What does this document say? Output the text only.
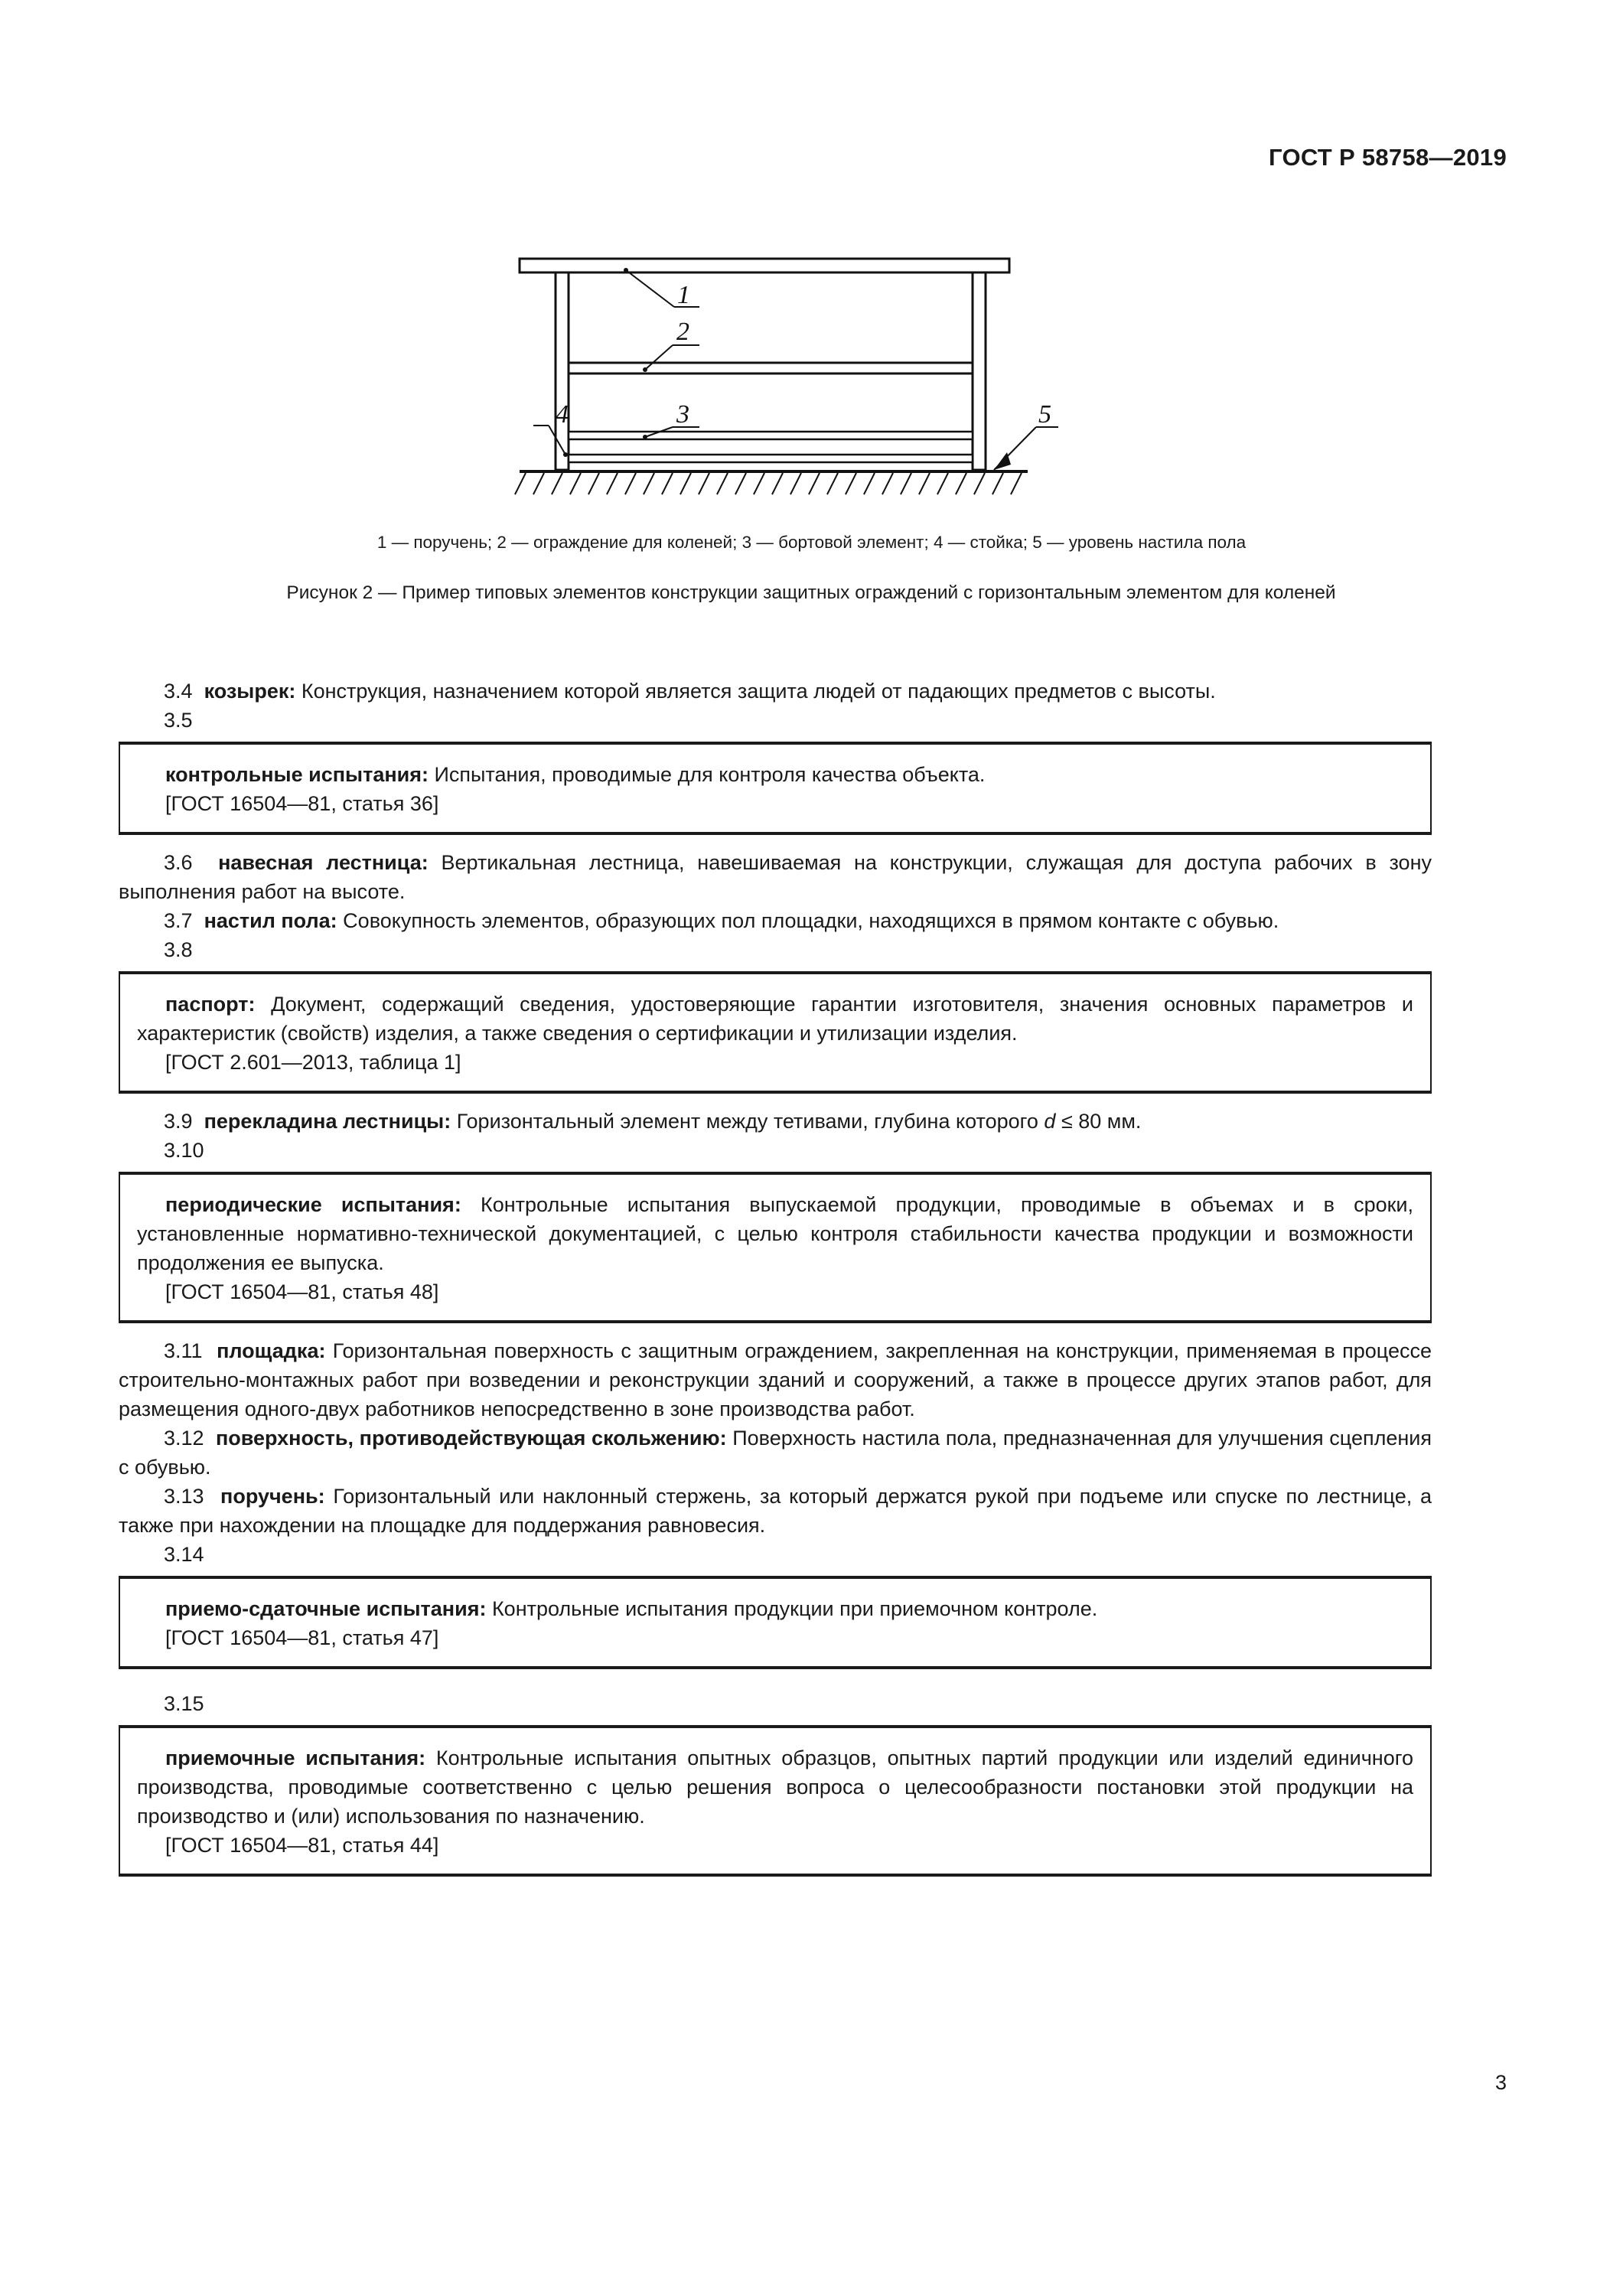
ГОСТ Р 58758—2019
1
2
3
4	5
1 — поручень; 2 — ограждение для коленей; 3 — бортовой элемент; 4 — стойка; 5 — уровень настила пола
Рисунок 2 — Пример типовых элементов конструкции защитных ограждений с горизонтальным элементом для коленей

3.4 козырек: Конструкция, назначением которой является защита людей от падающих предметов с высоты.

3.5

контрольные испытания: Испытания, проводимые для контроля качества объекта.

[ГОСТ 16504—81, статья 36]

3.6 навесная лестница: Вертикальная лестница, навешиваемая на конструкции, служащая для доступа рабочих в зону выполнения работ на высоте.

3.7 настил пола: Совокупность элементов, образующих пол площадки, находящихся в прямом контакте с обувью.

3.8

паспорт: Документ, содержащий сведения, удостоверяющие гарантии изготовителя, значения основных параметров и характеристик (свойств) изделия, а также сведения о сертификации и утилизации изделия.

[ГОСТ 2.601—2013, таблица 1]

3.9 перекладина лестницы: Горизонтальный элемент между тетивами, глубина которого d ≤ 80 мм.

3.10

периодические испытания: Контрольные испытания выпускаемой продукции, проводимые в объемах и в сроки, установленные нормативно-технической документацией, с целью контроля стабильности качества продукции и возможности продолжения ее выпуска.

[ГОСТ 16504—81, статья 48]

3.11 площадка: Горизонтальная поверхность с защитным ограждением, закрепленная на конструкции, применяемая в процессе строительно-монтажных работ при возведении и реконструкции зданий и сооружений, а также в процессе других этапов работ, для размещения одного-двух работников непосредственно в зоне производства работ.

3.12 поверхность, противодействующая скольжению: Поверхность настила пола, предназначенная для улучшения сцепления с обувью.

3.13 поручень: Горизонтальный или наклонный стержень, за который держатся рукой при подъеме или спуске по лестнице, а также при нахождении на площадке для поддержания равновесия.

3.14

приемо-сдаточные испытания: Контрольные испытания продукции при приемочном контроле.

[ГОСТ 16504—81, статья 47]

3.15

приемочные испытания: Контрольные испытания опытных образцов, опытных партий продукции или изделий единичного производства, проводимые соответственно с целью решения вопроса о целесообразности постановки этой продукции на производство и (или) использования по назначению.

[ГОСТ 16504—81, статья 44]

3
